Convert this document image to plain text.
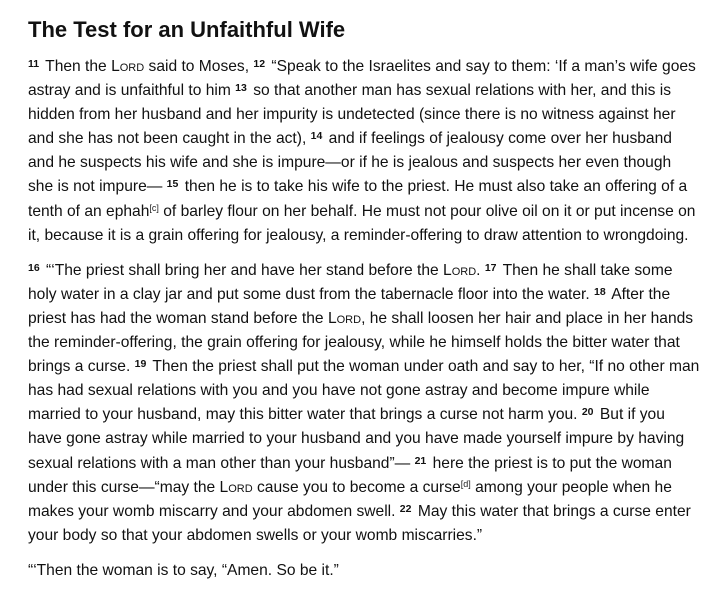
The Test for an Unfaithful Wife

$^{11}$ Then the Lord said to Moses, $^{12}$ “Speak to the Israelites and say to them: ‘If a man’s wife goes astray and is unfaithful to him $^{13}$ so that another man has sexual relations with her, and this is hidden from her husband and her impurity is undetected (since there is no witness against her and she has not been caught in the act), $^{14}$ and if feelings of jealousy come over her husband and he suspects his wife and she is impure—or if he is jealous and suspects her even though she is not impure— $^{15}$ then he is to take his wife to the priest. He must also take an offering of a tenth of an ephah[c] of barley flour on her behalf. He must not pour olive oil on it or put incense on it, because it is a grain offering for jealousy, a reminder-offering to draw attention to wrongdoing.

$^{16}$ “‘The priest shall bring her and have her stand before the Lord. $^{17}$ Then he shall take some holy water in a clay jar and put some dust from the tabernacle floor into the water. $^{18}$ After the priest has had the woman stand before the Lord, he shall loosen her hair and place in her hands the reminder-offering, the grain offering for jealousy, while he himself holds the bitter water that brings a curse. $^{19}$ Then the priest shall put the woman under oath and say to her, “If no other man has had sexual relations with you and you have not gone astray and become impure while married to your husband, may this bitter water that brings a curse not harm you. $^{20}$ But if you have gone astray while married to your husband and you have made yourself impure by having sexual relations with a man other than your husband”— $^{21}$ here the priest is to put the woman under this curse—“may the Lord cause you to become a curse[d] among your people when he makes your womb miscarry and your abdomen swell. $^{22}$ May this water that brings a curse enter your body so that your abdomen swells or your womb miscarries.”

“‘Then the woman is to say, “Amen. So be it.”
